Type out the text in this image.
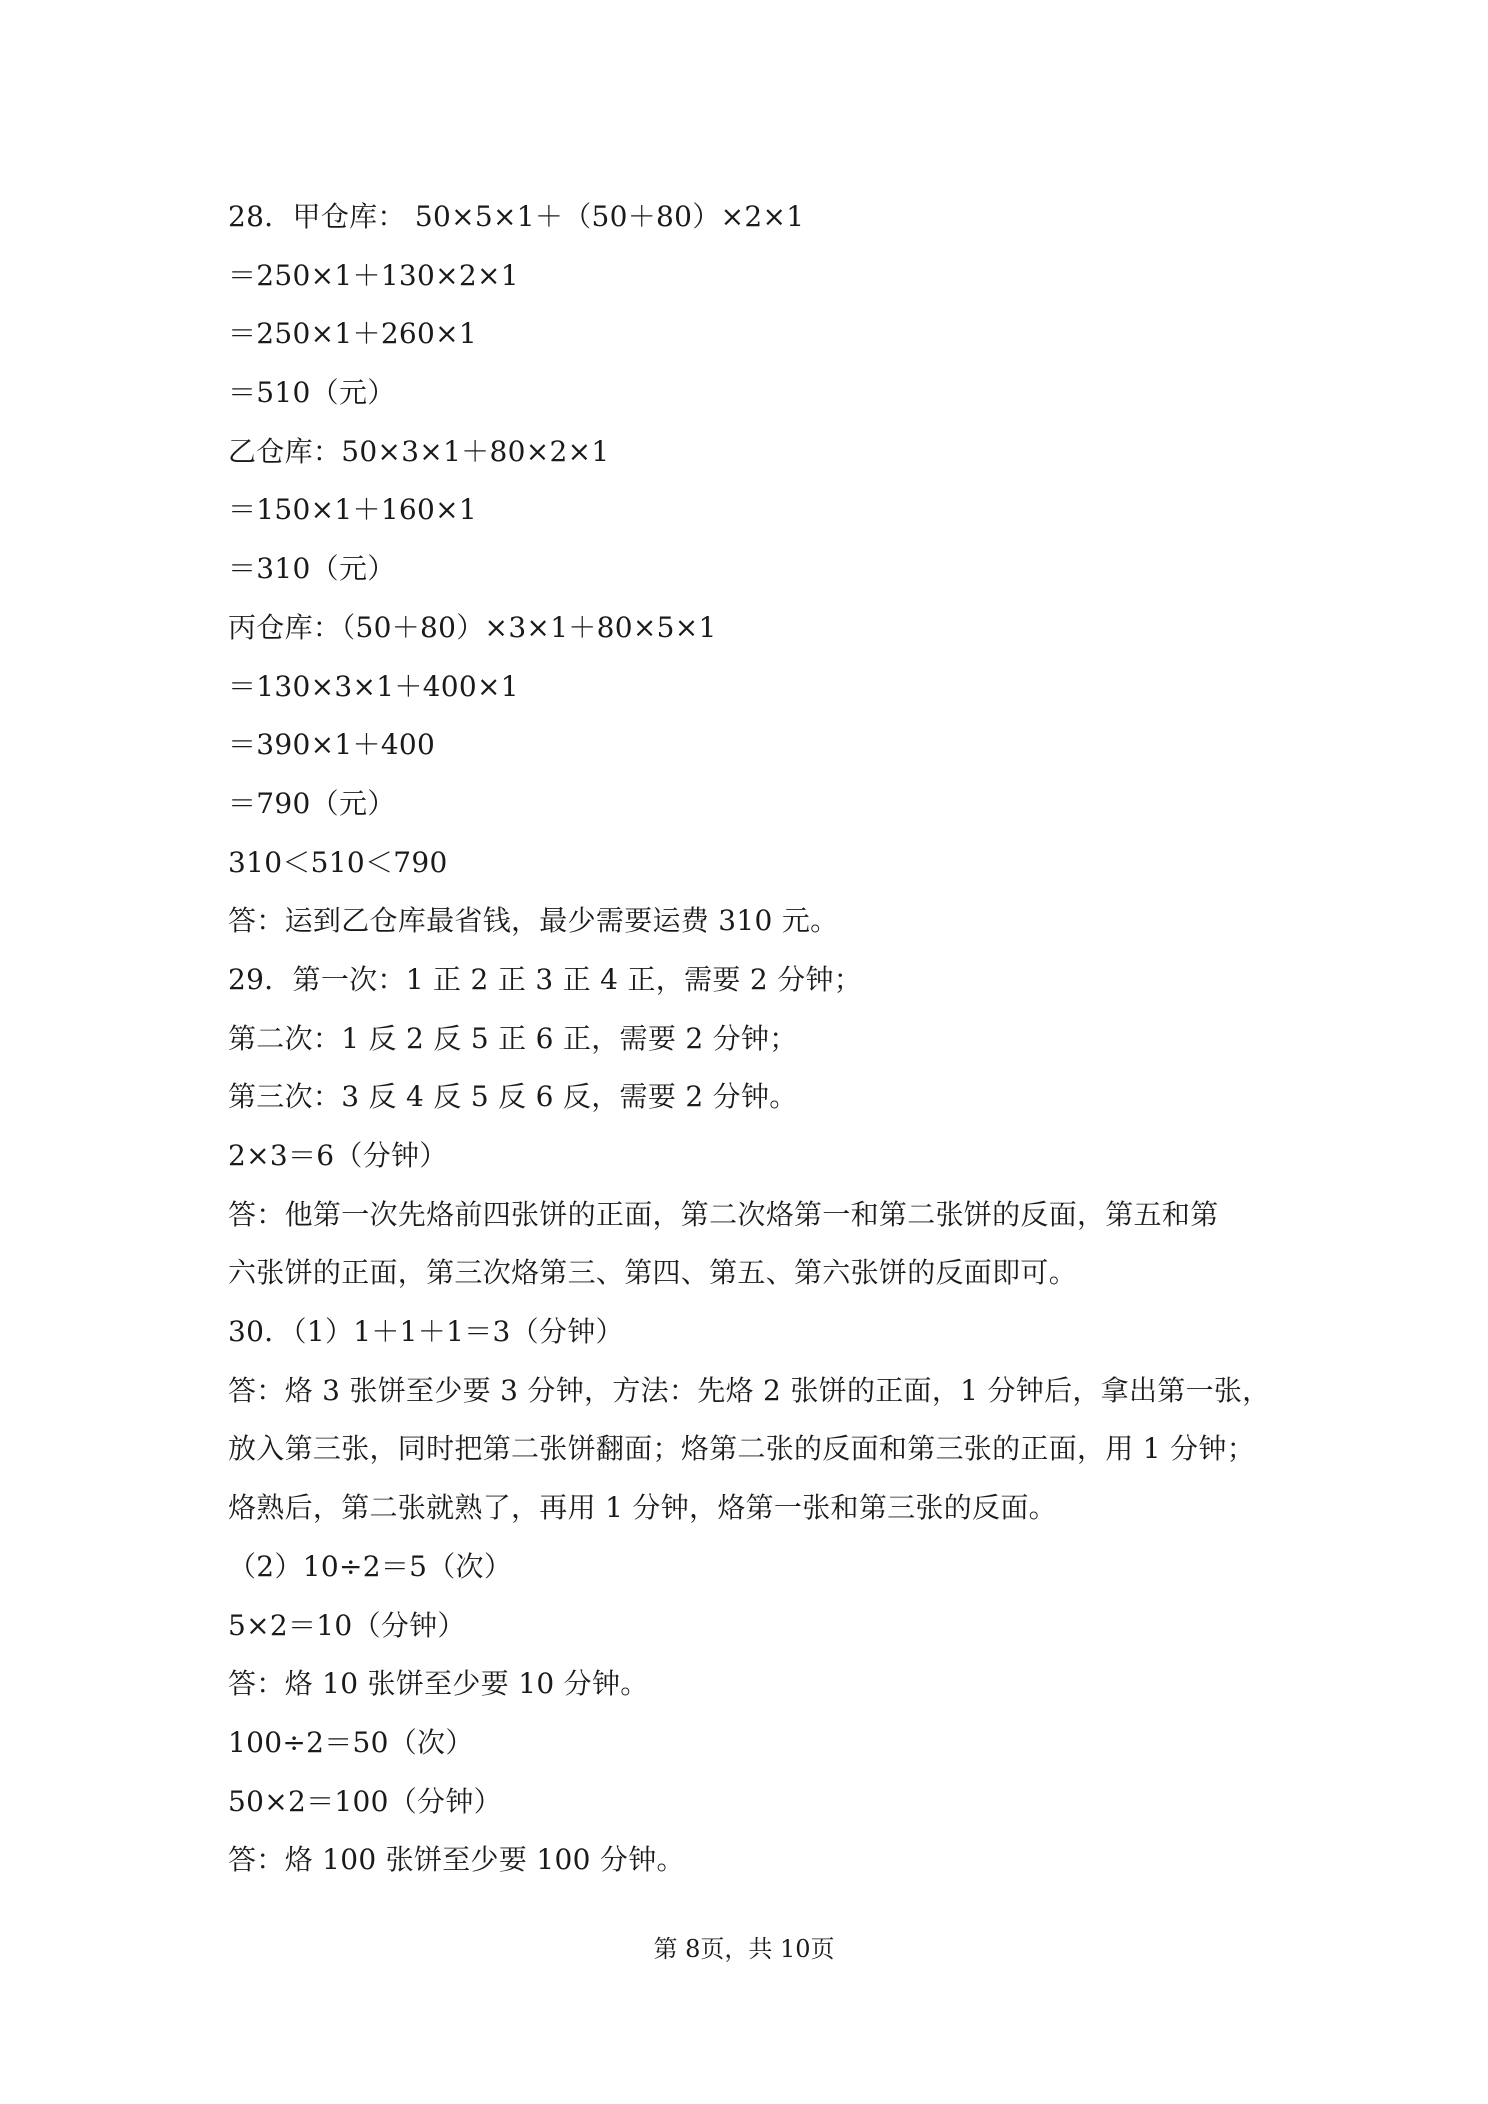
28．甲仓库： 50×5×1＋（50＋80）×2×1
＝250×1＋130×2×1
＝250×1＋260×1
＝510（元）
乙仓库：50×3×1＋80×2×1
＝150×1＋160×1
＝310（元）
丙仓库：（50＋80）×3×1＋80×5×1
＝130×3×1＋400×1
＝390×1＋400
＝790（元）
310＜510＜790
答：运到乙仓库最省钱，最少需要运费 310 元。
29．第一次：1 正 2 正 3 正 4 正，需要 2 分钟；
第二次：1 反 2 反 5 正 6 正，需要 2 分钟；
第三次：3 反 4 反 5 反 6 反，需要 2 分钟。
2×3＝6（分钟）
答：他第一次先烙前四张饼的正面，第二次烙第一和第二张饼的反面，第五和第
六张饼的正面，第三次烙第三、第四、第五、第六张饼的反面即可。
30．（1）1＋1＋1＝3（分钟）
答：烙 3 张饼至少要 3 分钟，方法：先烙 2 张饼的正面，1 分钟后，拿出第一张，
放入第三张，同时把第二张饼翻面；烙第二张的反面和第三张的正面，用 1 分钟；
烙熟后，第二张就熟了，再用 1 分钟，烙第一张和第三张的反面。
（2）10÷2＝5（次）
5×2＝10（分钟）
答：烙 10 张饼至少要 10 分钟。
100÷2＝50（次）
50×2＝100（分钟）
答：烙 100 张饼至少要 100 分钟。
第 8页，共 10页
